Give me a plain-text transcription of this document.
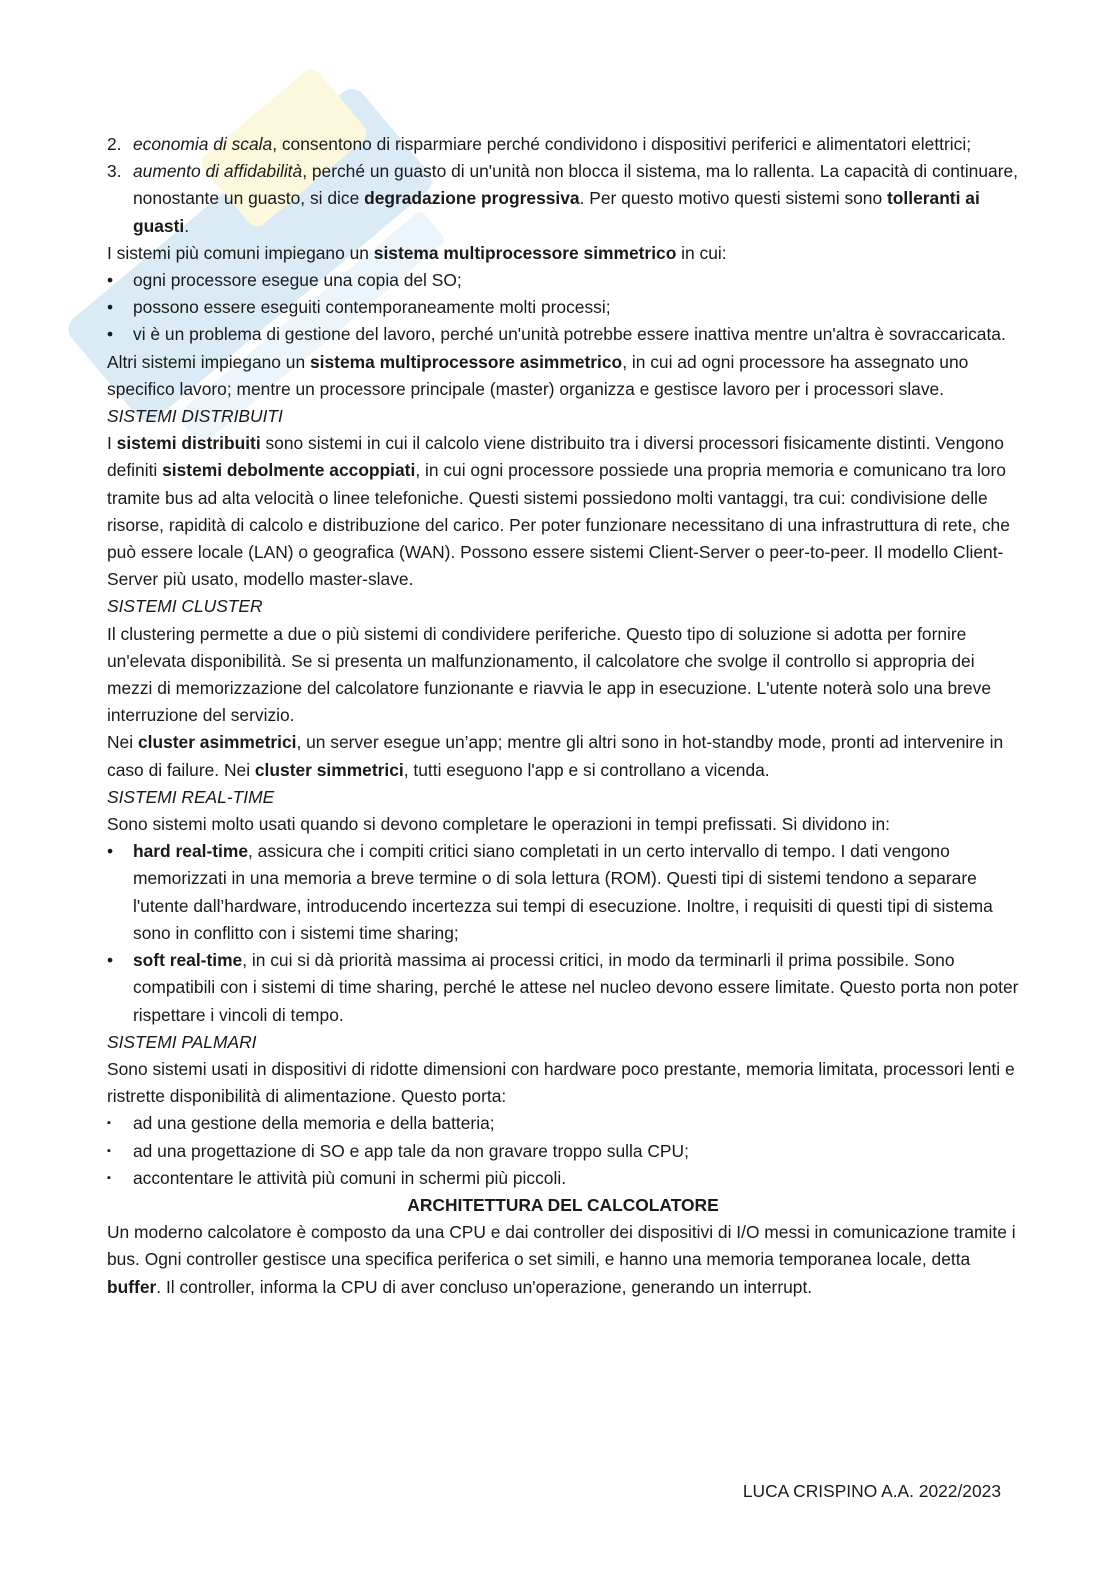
2. economia di scala, consentono di risparmiare perché condividono i dispositivi periferici e alimentatori elettrici;
3. aumento di affidabilità, perché un guasto di un'unità non blocca il sistema, ma lo rallenta. La capacità di continuare, nonostante un guasto, si dice degradazione progressiva. Per questo motivo questi sistemi sono tolleranti ai guasti.

I sistemi più comuni impiegano un sistema multiprocessore simmetrico in cui:

•	ogni processore esegue una copia del SO;
•	possono essere eseguiti contemporaneamente molti processi;
•	vi è un problema di gestione del lavoro, perché un'unità potrebbe essere inattiva mentre un'altra è sovraccaricata.

Altri sistemi impiegano un sistema multiprocessore asimmetrico, in cui ad ogni processore ha assegnato uno specifico lavoro; mentre un processore principale (master) organizza e gestisce lavoro per i processori slave.

SISTEMI DISTRIBUITI

I sistemi distribuiti sono sistemi in cui il calcolo viene distribuito tra i diversi processori fisicamente distinti. Vengono definiti sistemi debolmente accoppiati, in cui ogni processore possiede una propria memoria e comunicano tra loro tramite bus ad alta velocità o linee telefoniche. Questi sistemi possiedono molti vantaggi, tra cui: condivisione delle risorse, rapidità di calcolo e distribuzione del carico. Per poter funzionare necessitano di una infrastruttura di rete, che può essere locale (LAN) o geografica (WAN). Possono essere sistemi Client-Server o peer-to-peer. Il modello Client-Server più usato, modello master-slave.

SISTEMI CLUSTER

Il clustering permette a due o più sistemi di condividere periferiche. Questo tipo di soluzione si adotta per fornire un'elevata disponibilità. Se si presenta un malfunzionamento, il calcolatore che svolge il controllo si appropria dei mezzi di memorizzazione del calcolatore funzionante e riavvia le app in esecuzione. L'utente noterà solo una breve interruzione del servizio.

Nei cluster asimmetrici, un server esegue un’app; mentre gli altri sono in hot-standby mode, pronti ad intervenire in caso di failure. Nei cluster simmetrici, tutti eseguono l'app e si controllano a vicenda.

SISTEMI REAL-TIME

Sono sistemi molto usati quando si devono completare le operazioni in tempi prefissati. Si dividono in:

•	hard real-time, assicura che i compiti critici siano completati in un certo intervallo di tempo. I dati vengono memorizzati in una memoria a breve termine o di sola lettura (ROM). Questi tipi di sistemi tendono a separare l'utente dall’hardware, introducendo incertezza sui tempi di esecuzione. Inoltre, i requisiti di questi tipi di sistema sono in conflitto con i sistemi time sharing;
•	soft real-time, in cui si dà priorità massima ai processi critici, in modo da terminarli il prima possibile. Sono compatibili con i sistemi di time sharing, perché le attese nel nucleo devono essere limitate. Questo porta non poter rispettare i vincoli di tempo.

SISTEMI PALMARI

Sono sistemi usati in dispositivi di ridotte dimensioni con hardware poco prestante, memoria limitata, processori lenti e ristrette disponibilità di alimentazione. Questo porta:

▪	ad una gestione della memoria e della batteria;
▪	ad una progettazione di SO e app tale da non gravare troppo sulla CPU;
▪	accontentare le attività più comuni in schermi più piccoli.

ARCHITETTURA DEL CALCOLATORE

Un moderno calcolatore è composto da una CPU e dai controller dei dispositivi di I/O messi in comunicazione tramite i bus. Ogni controller gestisce una specifica periferica o set simili, e hanno una memoria temporanea locale, detta buffer. Il controller, informa la CPU di aver concluso un'operazione, generando un interrupt.

LUCA CRISPINO A.A. 2022/2023
